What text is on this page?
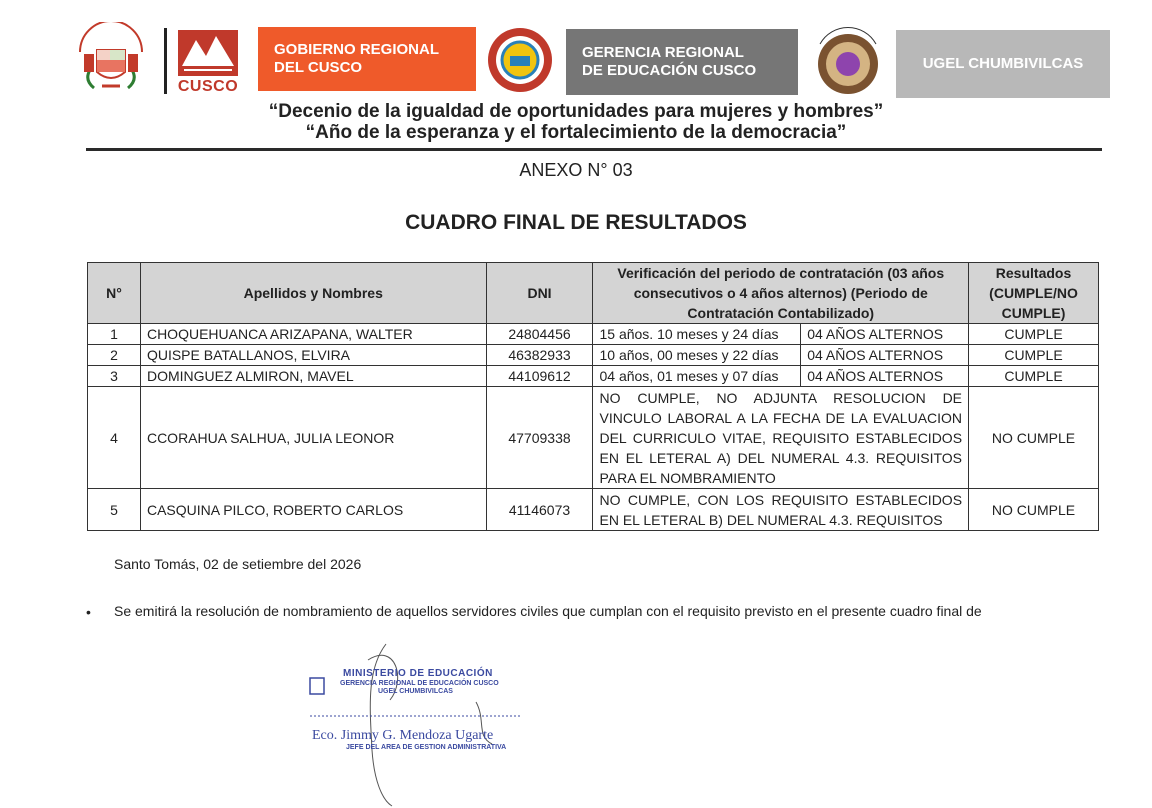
CUSCO
GOBIERNO REGIONAL
DEL CUSCO
GERENCIA REGIONAL
DE EDUCACIÓN CUSCO	UGEL CHUMBIVILCAS
“Decenio de la igualdad de oportunidades para mujeres y hombres”
“Año de la esperanza y el fortalecimiento de la democracia”
ANEXO N° 03
CUADRO FINAL DE RESULTADOS
N°	Apellidos y Nombres	DNI	Verificación del periodo de contratación (03 años consecutivos o 4 años alternos) (Periodo de Contratación Contabilizado)		Resultados (CUMPLE/NO CUMPLE)
1	CHOQUEHUANCA ARIZAPANA, WALTER	24804456	15 años. 10 meses y 24 días	04 AÑOS ALTERNOS	CUMPLE
2	QUISPE BATALLANOS, ELVIRA	46382933	10 años, 00 meses y 22 días	04 AÑOS ALTERNOS	CUMPLE
3	DOMINGUEZ ALMIRON, MAVEL	44109612	04 años, 01 meses y 07 días	04 AÑOS ALTERNOS	CUMPLE
4	CCORAHUA SALHUA, JULIA LEONOR	47709338	NO CUMPLE, NO ADJUNTA RESOLUCION DE VINCULO LABORAL A LA FECHA DE LA EVALUACION DEL CURRICULO VITAE, REQUISITO ESTABLECIDOS EN EL LETERAL A) DEL NUMERAL 4.3. REQUISITOS PARA EL NOMBRAMIENTO		NO CUMPLE
5	CASQUINA PILCO, ROBERTO CARLOS	41146073	NO CUMPLE, CON LOS REQUISITO ESTABLECIDOS EN EL LETERAL B) DEL NUMERAL 4.3. REQUISITOS		NO CUMPLE
Santo Tomás, 02 de setiembre del 2026
• Se emitirá la resolución de nombramiento de aquellos servidores civiles que cumplan con el requisito previsto en el presente cuadro final de
MINISTERIO DE EDUCACIÓN
GERENCIA REGIONAL DE EDUCACIÓN CUSCO
UGEL CHUMBIVILCAS
Eco. Jimmy G. Mendoza Ugarte
JEFE DEL AREA DE GESTION ADMINISTRATIVA
